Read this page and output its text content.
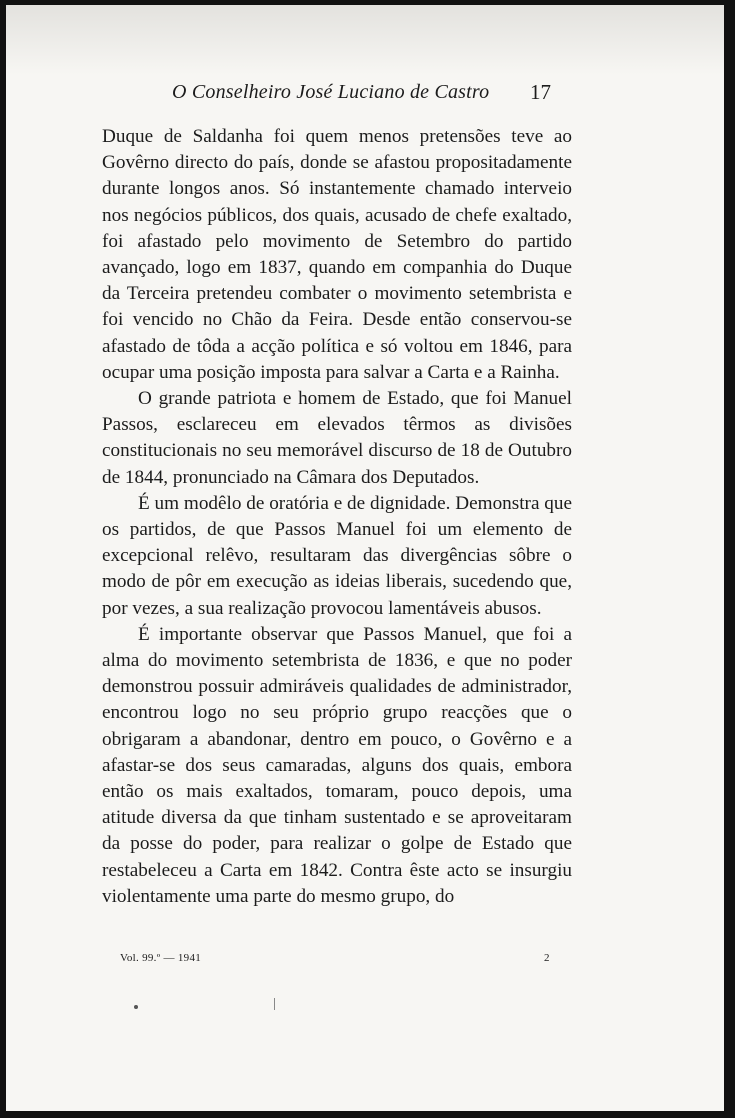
O Conselheiro José Luciano de Castro 17

Duque de Saldanha foi quem menos pretensões teve ao Govêrno directo do país, donde se afastou propositadamente durante longos anos. Só instantemente chamado interveio nos negócios públicos, dos quais, acusado de chefe exaltado, foi afastado pelo movimento de Setembro do partido avançado, logo em 1837, quando em companhia do Duque da Terceira pretendeu combater o movimento setembrista e foi vencido no Chão da Feira. Desde então conservou-se afastado de tôda a acção política e só voltou em 1846, para ocupar uma posição imposta para salvar a Carta e a Rainha.

O grande patriota e homem de Estado, que foi Manuel Passos, esclareceu em elevados têrmos as divisões constitucionais no seu memorável discurso de 18 de Outubro de 1844, pronunciado na Câmara dos Deputados.

É um modêlo de oratória e de dignidade. Demonstra que os partidos, de que Passos Manuel foi um elemento de excepcional relêvo, resultaram das divergências sôbre o modo de pôr em execução as ideias liberais, sucedendo que, por vezes, a sua realização provocou lamentáveis abusos.

É importante observar que Passos Manuel, que foi a alma do movimento setembrista de 1836, e que no poder demonstrou possuir admiráveis qualidades de administrador, encontrou logo no seu próprio grupo reacções que o obrigaram a abandonar, dentro em pouco, o Govêrno e a afastar-se dos seus camaradas, alguns dos quais, embora então os mais exaltados, tomaram, pouco depois, uma atitude diversa da que tinham sustentado e se aproveitaram da posse do poder, para realizar o golpe de Estado que restabeleceu a Carta em 1842. Contra êste acto se insurgiu violentamente uma parte do mesmo grupo, do

Vol. 99.º — 1941	2
